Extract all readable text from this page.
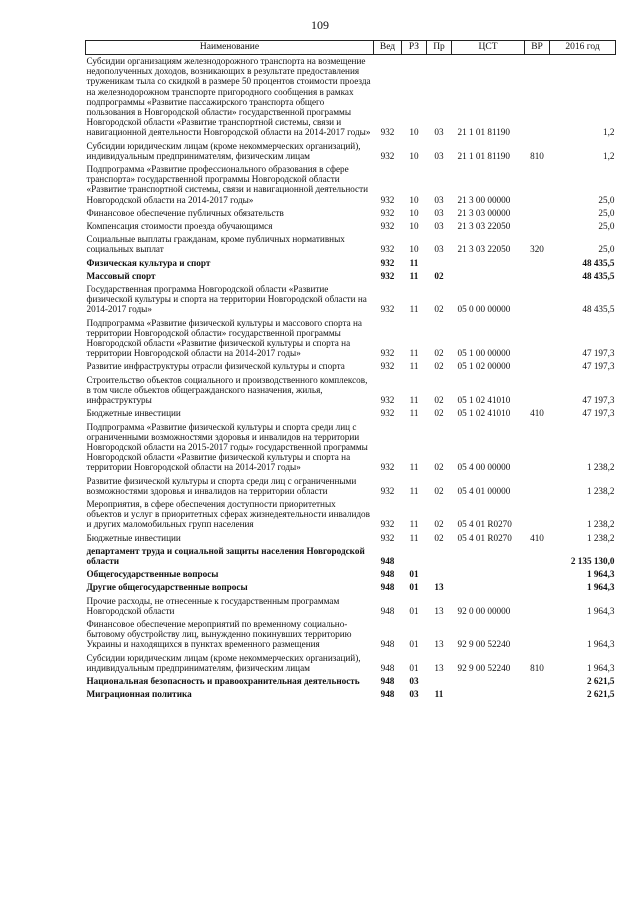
109
Наименование	Вед	РЗ	Пр	ЦСТ	ВР	2016 год
Субсидии организациям железнодорожного транспорта на возмещение недополученных доходов, возникающих в результате предоставления труженикам тыла со скидкой в размере 50 процентов стоимости проезда на железнодорожном транспорте пригородного сообщения в рамках подпрограммы «Развитие пассажирского транспорта общего пользования в Новгородской области» государственной программы Новгородской области «Развитие транспортной системы, связи и навигационной деятельности Новгородской области на 2014-2017 годы»	932	10	03	21 1 01 81190		1,2
Субсидии юридическим лицам (кроме некоммерческих организаций), индивидуальным предпринимателям, физическим лицам	932	10	03	21 1 01 81190	810	1,2
Подпрограмма «Развитие профессионального образования в сфере транспорта» государственной программы Новгородской области «Развитие транспортной системы, связи и навигационной деятельности Новгородской области на 2014-2017 годы»	932	10	03	21 3 00 00000		25,0
Финансовое обеспечение публичных обязательств	932	10	03	21 3 03 00000		25,0
Компенсация стоимости проезда обучающимся	932	10	03	21 3 03 22050		25,0
Социальные выплаты гражданам, кроме публичных нормативных социальных выплат	932	10	03	21 3 03 22050	320	25,0
Физическая культура и спорт	932	11				48 435,5
Массовый спорт	932	11	02			48 435,5
Государственная программа Новгородской области «Развитие физической культуры и спорта на территории Новгородской области на 2014-2017 годы»	932	11	02	05 0 00 00000		48 435,5
Подпрограмма «Развитие физической культуры и массового спорта на территории Новгородской области» государственной программы Новгородской области «Развитие физической культуры и спорта на территории Новгородской области на 2014-2017 годы»	932	11	02	05 1 00 00000		47 197,3
Развитие инфраструктуры отрасли физической культуры и спорта	932	11	02	05 1 02 00000		47 197,3
Строительство объектов социального и производственного комплексов, в том числе объектов общегражданского назначения, жилья, инфраструктуры	932	11	02	05 1 02 41010		47 197,3
Бюджетные инвестиции	932	11	02	05 1 02 41010	410	47 197,3
Подпрограмма «Развитие физической культуры и спорта среди лиц с ограниченными возможностями здоровья и инвалидов на территории Новгородской области на 2015-2017 годы» государственной программы Новгородской области «Развитие физической культуры и спорта на территории Новгородской области на 2014-2017 годы»	932	11	02	05 4 00 00000		1 238,2
Развитие физической культуры и спорта среди лиц с ограниченными возможностями здоровья и инвалидов на территории области	932	11	02	05 4 01 00000		1 238,2
Мероприятия, в сфере обеспечения доступности приоритетных объектов и услуг в приоритетных сферах жизнедеятельности инвалидов и других маломобильных групп населения	932	11	02	05 4 01 R0270		1 238,2
Бюджетные инвестиции	932	11	02	05 4 01 R0270	410	1 238,2
департамент труда и социальной защиты населения Новгородской области	948					2 135 130,0
Общегосударственные вопросы	948	01				1 964,3
Другие общегосударственные вопросы	948	01	13			1 964,3
Прочие расходы, не отнесенные к государственным программам Новгородской области	948	01	13	92 0 00 00000		1 964,3
Финансовое обеспечение мероприятий по временному социально-бытовому обустройству лиц, вынужденно покинувших территорию Украины и находящихся в пунктах временного размещения	948	01	13	92 9 00 52240		1 964,3
Субсидии юридическим лицам (кроме некоммерческих организаций), индивидуальным предпринимателям, физическим лицам	948	01	13	92 9 00 52240	810	1 964,3
Национальная безопасность и правоохранительная деятельность	948	03				2 621,5
Миграционная политика	948	03	11			2 621,5
